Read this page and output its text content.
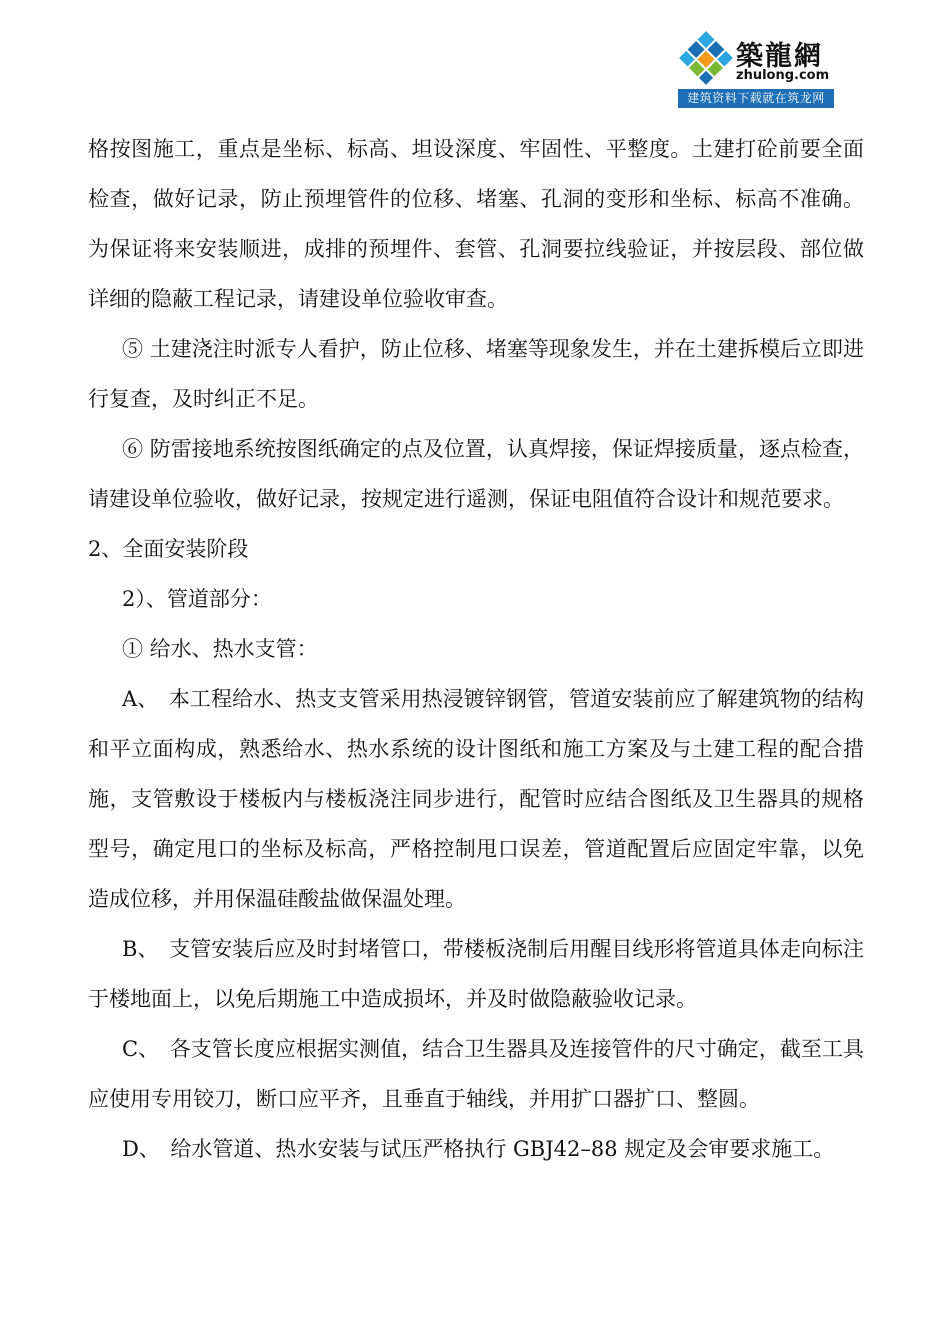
築龍網
zhulong.com
建筑资料下载就在筑龙网

格按图施工，重点是坐标、标高、坦设深度、牢固性、平整度。土建打砼前要全面检查，做好记录，防止预埋管件的位移、堵塞、孔洞的变形和坐标、标高不准确。为保证将来安装顺进，成排的预埋件、套管、孔洞要拉线验证，并按层段、部位做详细的隐蔽工程记录，请建设单位验收审查。

⑤ 土建浇注时派专人看护，防止位移、堵塞等现象发生，并在土建拆模后立即进行复查，及时纠正不足。

⑥ 防雷接地系统按图纸确定的点及位置，认真焊接，保证焊接质量，逐点检查，请建设单位验收，做好记录，按规定进行遥测，保证电阻值符合设计和规范要求。

2、全面安装阶段

2）、管道部分：

① 给水、热水支管：

A、　本工程给水、热支支管采用热浸镀锌钢管，管道安装前应了解建筑物的结构和平立面构成，熟悉给水、热水系统的设计图纸和施工方案及与土建工程的配合措施，支管敷设于楼板内与楼板浇注同步进行，配管时应结合图纸及卫生器具的规格型号，确定甩口的坐标及标高，严格控制甩口误差，管道配置后应固定牢靠，以免造成位移，并用保温硅酸盐做保温处理。

B、　支管安装后应及时封堵管口，带楼板浇制后用醒目线形将管道具体走向标注于楼地面上，以免后期施工中造成损坏，并及时做隐蔽验收记录。

C、　各支管长度应根据实测值，结合卫生器具及连接管件的尺寸确定，截至工具应使用专用铰刀，断口应平齐，且垂直于轴线，并用扩口器扩口、整圆。

D、　给水管道、热水安装与试压严格执行 GBJ42–88 规定及会审要求施工。
